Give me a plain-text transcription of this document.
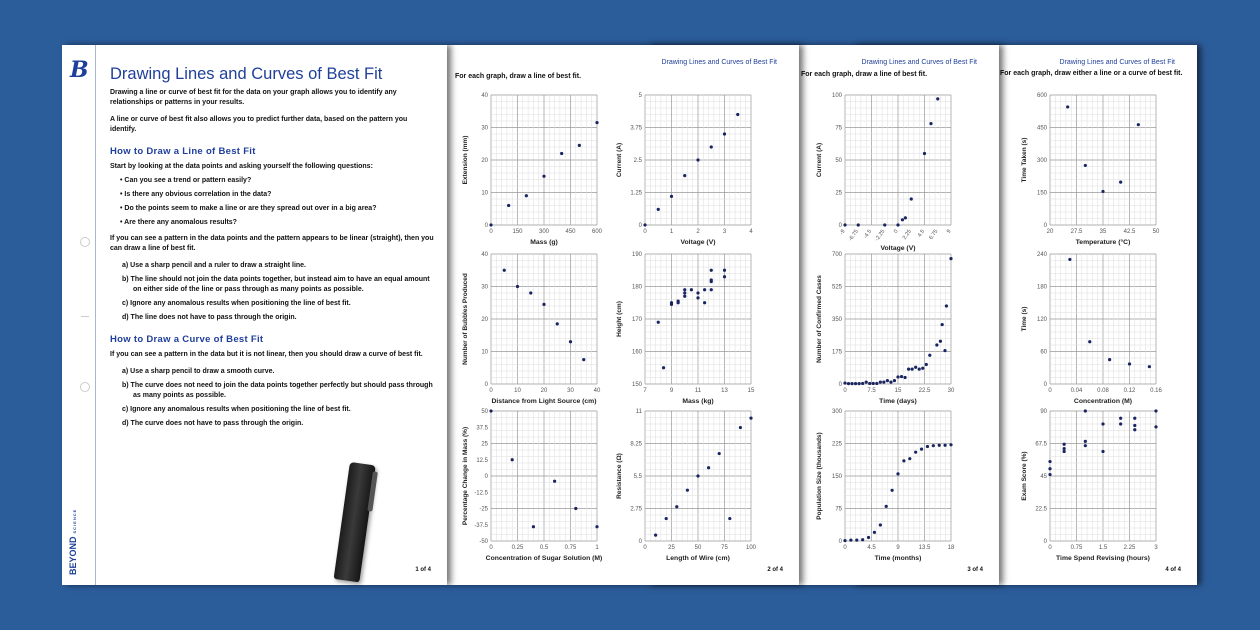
B
BEYONDSCIENCE
Drawing Lines and Curves of Best Fit

Drawing a line or curve of best fit for the data on your graph allows you to identify any relationships or patterns in your results.

A line or curve of best fit also allows you to predict further data, based on the pattern you identify.

How to Draw a Line of Best Fit

Start by looking at the data points and asking yourself the following questions:

• Can you see a trend or pattern easily?
• Is there any obvious correlation in the data?
• Do the points seem to make a line or are they spread out over in a big area?
• Are there any anomalous results?

If you can see a pattern in the data points and the pattern appears to be linear (straight), then you can draw a line of best fit.

a) Use a sharp pencil and a ruler to draw a straight line.
b) The line should not join the data points together, but instead aim to have an equal amount on either side of the line or pass through as many points as possible.
c) Ignore any anomalous results when positioning the line of best fit.
d) The line does not have to pass through the origin.
How to Draw a Curve of Best Fit

If you can see a pattern in the data but it is not linear, then you should draw a curve of best fit.

a) Use a sharp pencil to draw a smooth curve.
b) The curve does not need to join the data points together perfectly but should pass through as many points as possible.
c) Ignore any anomalous results when positioning the line of best fit.
d) The curve does not have to pass through the origin.
1 of 4
Drawing Lines and Curves of Best Fit
For each graph, draw a line of best fit.
2 of 4
0
10
20
30
40
0	150	300	450	600
Mass (g)
Extension (mm)
0
1.25
2.5
3.75
5
0	1	2	3	4
Voltage (V)
Current (A)
0
10
20
30
40
0	10	20	30	40
Distance from Light Source (cm)
Number of Bubbles Produced
150
160
170
180
190
7	9	11	13	15
Mass (kg)
Height (cm)
-50
-37.5
-25
-12.5
0
12.5
25
37.5
50
0	0.25	0.5	0.75	1
Concentration of Sugar Solution (M)
Percentage Change in Mass (%)
0
2.75
5.5
8.25
11
0	25	50	75	100
Length of Wire (cm)
Resistance (Ω)
Drawing Lines and Curves of Best Fit
For each graph, draw a line of best fit.
3 of 4
0
25
50
75
100
-9 -6.75 -4.5 -2.25 0 2.25 4.5 6.75 9
Voltage (V)
Current (A)
0
175
350
525
700
0	7.5	15	22.5	30
Time (days)
Number of Confirmed Cases
0
75
150
225
300
0	4.5	9	13.5	18
Time (months)
Population Size (thousands)
Drawing Lines and Curves of Best Fit
For each graph, draw either a line or a curve of best fit.
4 of 4
0
150
300
450
600
20	27.5	35	42.5	50
Temperature (°C)
Time Taken (s)
0
60
120
180
240
0	0.04 0.08 0.12 0.16
Concentration (M)
Time (s)
0
22.5
45
67.5
90
0	0.75	1.5	2.25	3
Time Spend Revising (hours)
Exam Score (%)
